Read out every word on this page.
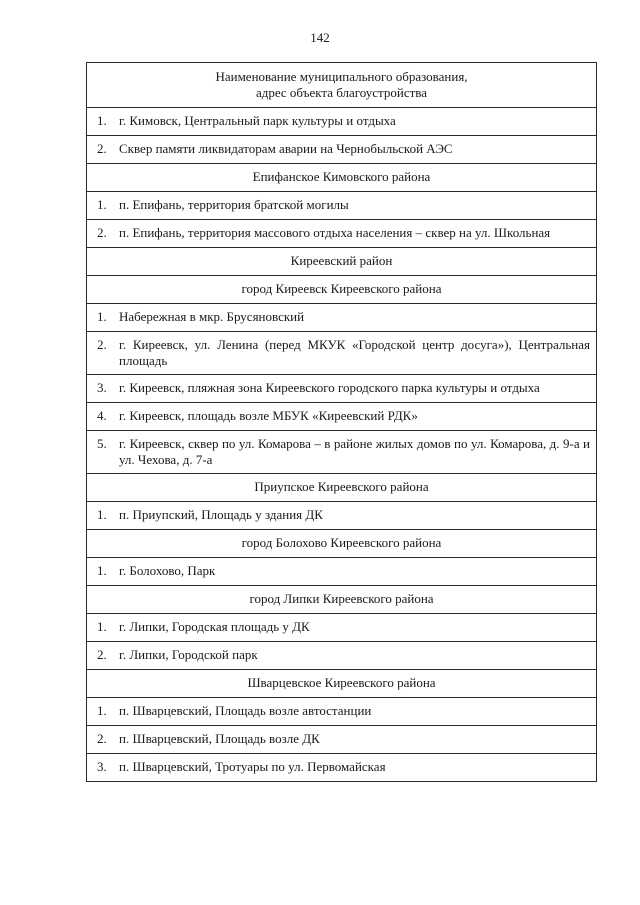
142
Наименование муниципального образования,
адрес объекта благоустройства

1. г. Кимовск, Центральный парк культуры и отдыха

2. Сквер памяти ликвидаторам аварии на Чернобыльской АЭС

Епифанское Кимовского района

1. п. Епифань, территория братской могилы

2. п. Епифань, территория массового отдыха населения – сквер на ул. Школьная

Киреевский район
город Киреевск Киреевского района

1. Набережная в мкр. Брусяновский

2. г. Киреевск, ул. Ленина (перед МКУК «Городской центр досуга»), Центральная площадь

3. г. Киреевск, пляжная зона Киреевского городского парка культуры и отдыха

4. г. Киреевск, площадь возле МБУК «Киреевский РДК»

5. г. Киреевск, сквер по ул. Комарова – в районе жилых домов по ул. Комарова, д. 9-а и ул. Чехова, д. 7-а

Приупское Киреевского района

1. п. Приупский, Площадь у здания ДК

город Болохово Киреевского района

1. г. Болохово, Парк

город Липки Киреевского района

1. г. Липки, Городская площадь у ДК

2. г. Липки, Городской парк

Шварцевское Киреевского района

1. п. Шварцевский, Площадь возле автостанции

2. п. Шварцевский, Площадь возле ДК

3. п. Шварцевский, Тротуары по ул. Первомайская
